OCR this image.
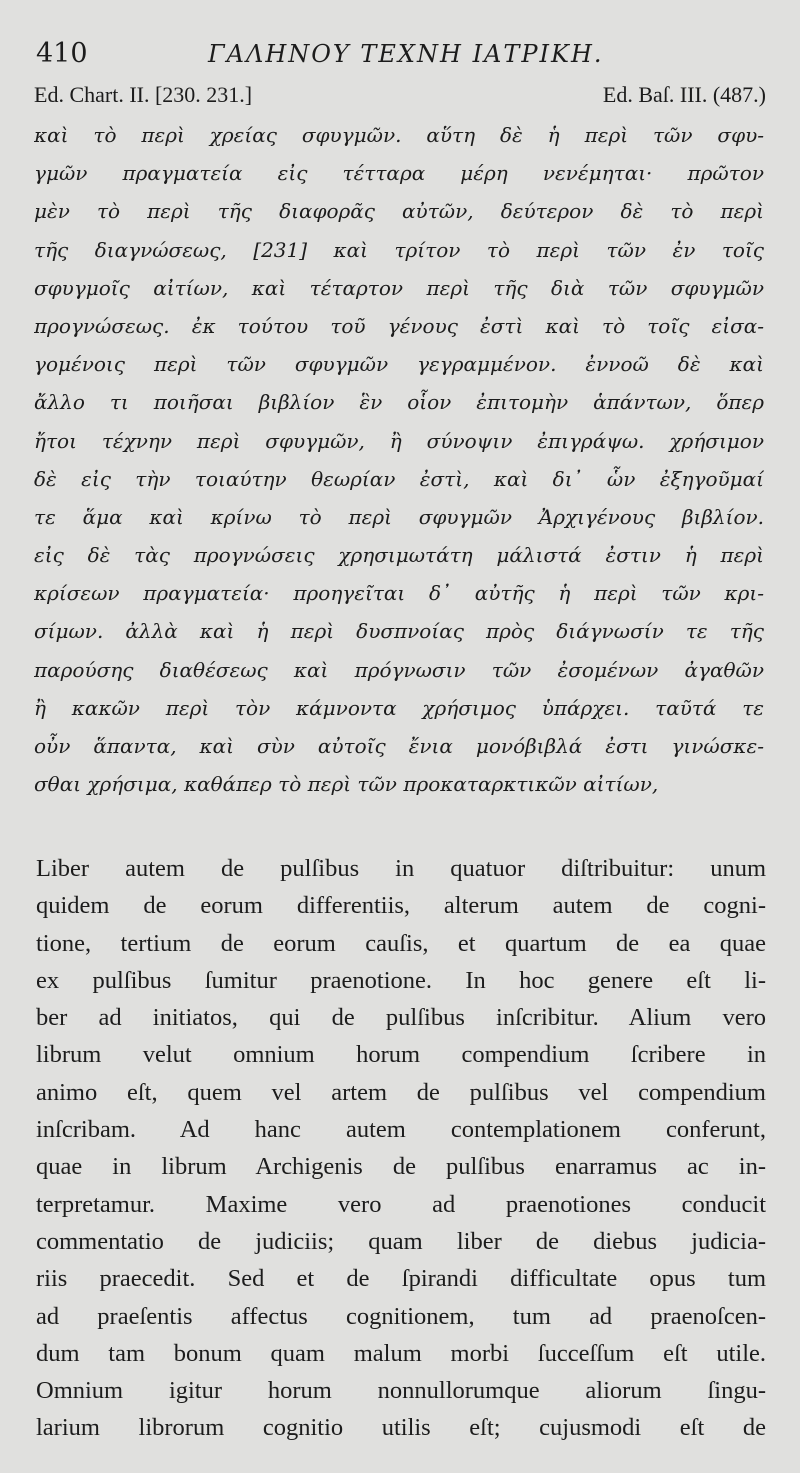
410	ΓΑΛΗΝΟΥ ΤΕΧΝΗ ΙΑΤΡΙΚΗ.
Ed. Chart. II. [230. 231.]	Ed. Baſ. III. (487.)
καὶ τὸ περὶ χρείας σφυγμῶν. αὕτη δὲ ἡ περὶ τῶν σφυ-
γμῶν πραγματεία εἰς τέτταρα μέρη νενέμηται· πρῶτον
μὲν τὸ περὶ τῆς διαφορᾶς αὐτῶν, δεύτερον δὲ τὸ περὶ
τῆς διαγνώσεως, [231] καὶ τρίτον τὸ περὶ τῶν ἐν τοῖς
σφυγμοῖς αἰτίων, καὶ τέταρτον περὶ τῆς διὰ τῶν σφυγμῶν
προγνώσεως. ἐκ τούτου τοῦ γένους ἐστὶ καὶ τὸ τοῖς εἰσα-
γομένοις περὶ τῶν σφυγμῶν γεγραμμένον. ἐννοῶ δὲ καὶ
ἄλλο τι ποιῆσαι βιβλίον ἓν οἷον ἐπιτομὴν ἁπάντων, ὅπερ
ἤτοι τέχνην περὶ σφυγμῶν, ἢ σύνοψιν ἐπιγράψω. χρήσιμον
δὲ εἰς τὴν τοιαύτην θεωρίαν ἐστὶ, καὶ δι᾽ ὧν ἐξηγοῦμαί
τε ἅμα καὶ κρίνω τὸ περὶ σφυγμῶν Ἀρχιγένους βιβλίον.
εἰς δὲ τὰς προγνώσεις χρησιμωτάτη μάλιστά ἐστιν ἡ περὶ
κρίσεων πραγματεία· προηγεῖται δ᾽ αὐτῆς ἡ περὶ τῶν κρι-
σίμων. ἀλλὰ καὶ ἡ περὶ δυσπνοίας πρὸς διάγνωσίν τε τῆς
παρούσης διαθέσεως καὶ πρόγνωσιν τῶν ἐσομένων ἀγαθῶν
ἢ κακῶν περὶ τὸν κάμνοντα χρήσιμος ὑπάρχει. ταῦτά τε
οὖν ἅπαντα, καὶ σὺν αὐτοῖς ἔνια μονόβιβλά ἐστι γινώσκε-
σθαι χρήσιμα, καθάπερ τὸ περὶ τῶν προκαταρκτικῶν αἰτίων,
Liber autem de pulſibus in quatuor diſtribuitur: unum
quidem de eorum differentiis, alterum autem de cogni-
tione, tertium de eorum cauſis, et quartum de ea quae
ex pulſibus ſumitur praenotione. In hoc genere eſt li-
ber ad initiatos, qui de pulſibus inſcribitur. Alium vero
librum velut omnium horum compendium ſcribere in
animo eſt, quem vel artem de pulſibus vel compendium
inſcribam. Ad hanc autem contemplationem conferunt,
quae in librum Archigenis de pulſibus enarramus ac in-
terpretamur. Maxime vero ad praenotiones conducit
commentatio de judiciis; quam liber de diebus judicia-
riis praecedit. Sed et de ſpirandi difficultate opus tum
ad praeſentis affectus cognitionem, tum ad praenoſcen-
dum tam bonum quam malum morbi ſucceſſum eſt utile.
Omnium igitur horum nonnullorumque aliorum ſingu-
larium librorum cognitio utilis eſt; cujusmodi eſt de
